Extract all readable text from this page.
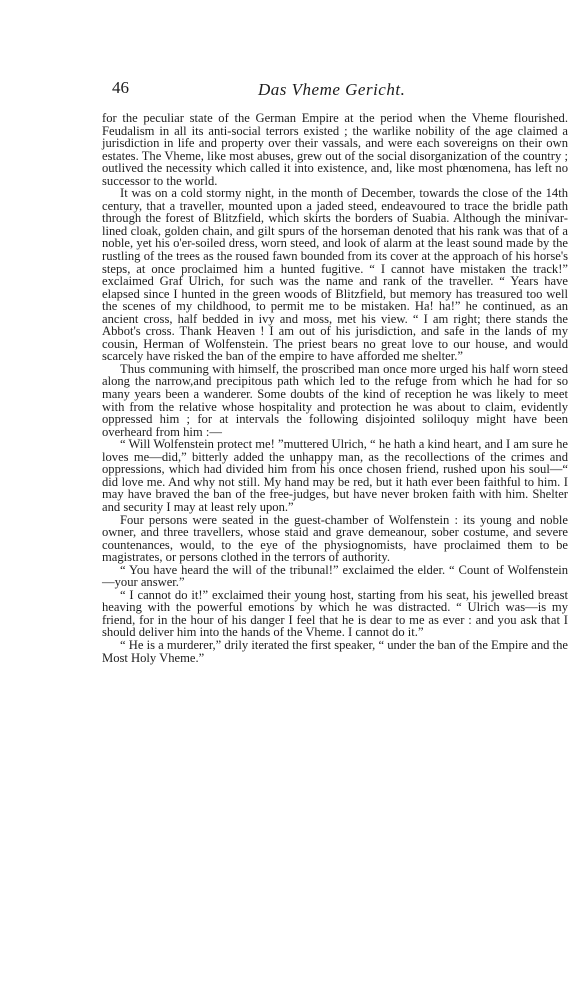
46	Das Vheme Gericht.

for the peculiar state of the German Empire at the period when the Vheme flourished. Feudalism in all its anti-social terrors existed ; the warlike nobility of the age claimed a jurisdiction in life and property over their vassals, and were each sovereigns on their own estates. The Vheme, like most abuses, grew out of the social disorganization of the country ; outlived the necessity which called it into existence, and, like most phœnomena, has left no successor to the world.

It was on a cold stormy night, in the month of December, towards the close of the 14th century, that a traveller, mounted upon a jaded steed, endeavoured to trace the bridle path through the forest of Blitzfield, which skirts the borders of Suabia. Although the minivar-lined cloak, golden chain, and gilt spurs of the horseman denoted that his rank was that of a noble, yet his o'er-soiled dress, worn steed, and look of alarm at the least sound made by the rustling of the trees as the roused fawn bounded from its cover at the approach of his horse's steps, at once proclaimed him a hunted fugitive. “ I cannot have mistaken the track!” exclaimed Graf Ulrich, for such was the name and rank of the traveller. “ Years have elapsed since I hunted in the green woods of Blitzfield, but memory has treasured too well the scenes of my childhood, to permit me to be mistaken. Ha! ha!” he continued, as an ancient cross, half bedded in ivy and moss, met his view. “ I am right; there stands the Abbot's cross. Thank Heaven ! I am out of his jurisdiction, and safe in the lands of my cousin, Herman of Wolfenstein. The priest bears no great love to our house, and would scarcely have risked the ban of the empire to have afforded me shelter.”

Thus communing with himself, the proscribed man once more urged his half worn steed along the narrow,and precipitous path which led to the refuge from which he had for so many years been a wanderer. Some doubts of the kind of reception he was likely to meet with from the relative whose hospitality and protection he was about to claim, evidently oppressed him ; for at intervals the following disjointed soliloquy might have been overheard from him :—

“ Will Wolfenstein protect me! ”muttered Ulrich, “ he hath a kind heart, and I am sure he loves me—did,” bitterly added the unhappy man, as the recollections of the crimes and oppressions, which had divided him from his once chosen friend, rushed upon his soul—“ did love me. And why not still. My hand may be red, but it hath ever been faithful to him. I may have braved the ban of the free-judges, but have never broken faith with him. Shelter and security I may at least rely upon.”

Four persons were seated in the guest-chamber of Wolfenstein : its young and noble owner, and three travellers, whose staid and grave demeanour, sober costume, and severe countenances, would, to the eye of the physiognomists, have proclaimed them to be magistrates, or persons clothed in the terrors of authority.

“ You have heard the will of the tribunal!” exclaimed the elder. “ Count of Wolfenstein—your answer.”

“ I cannot do it!” exclaimed their young host, starting from his seat, his jewelled breast heaving with the powerful emotions by which he was distracted. “ Ulrich was—is my friend, for in the hour of his danger I feel that he is dear to me as ever : and you ask that I should deliver him into the hands of the Vheme. I cannot do it.”

“ He is a murderer,” drily iterated the first speaker, “ under the ban of the Empire and the Most Holy Vheme.”
